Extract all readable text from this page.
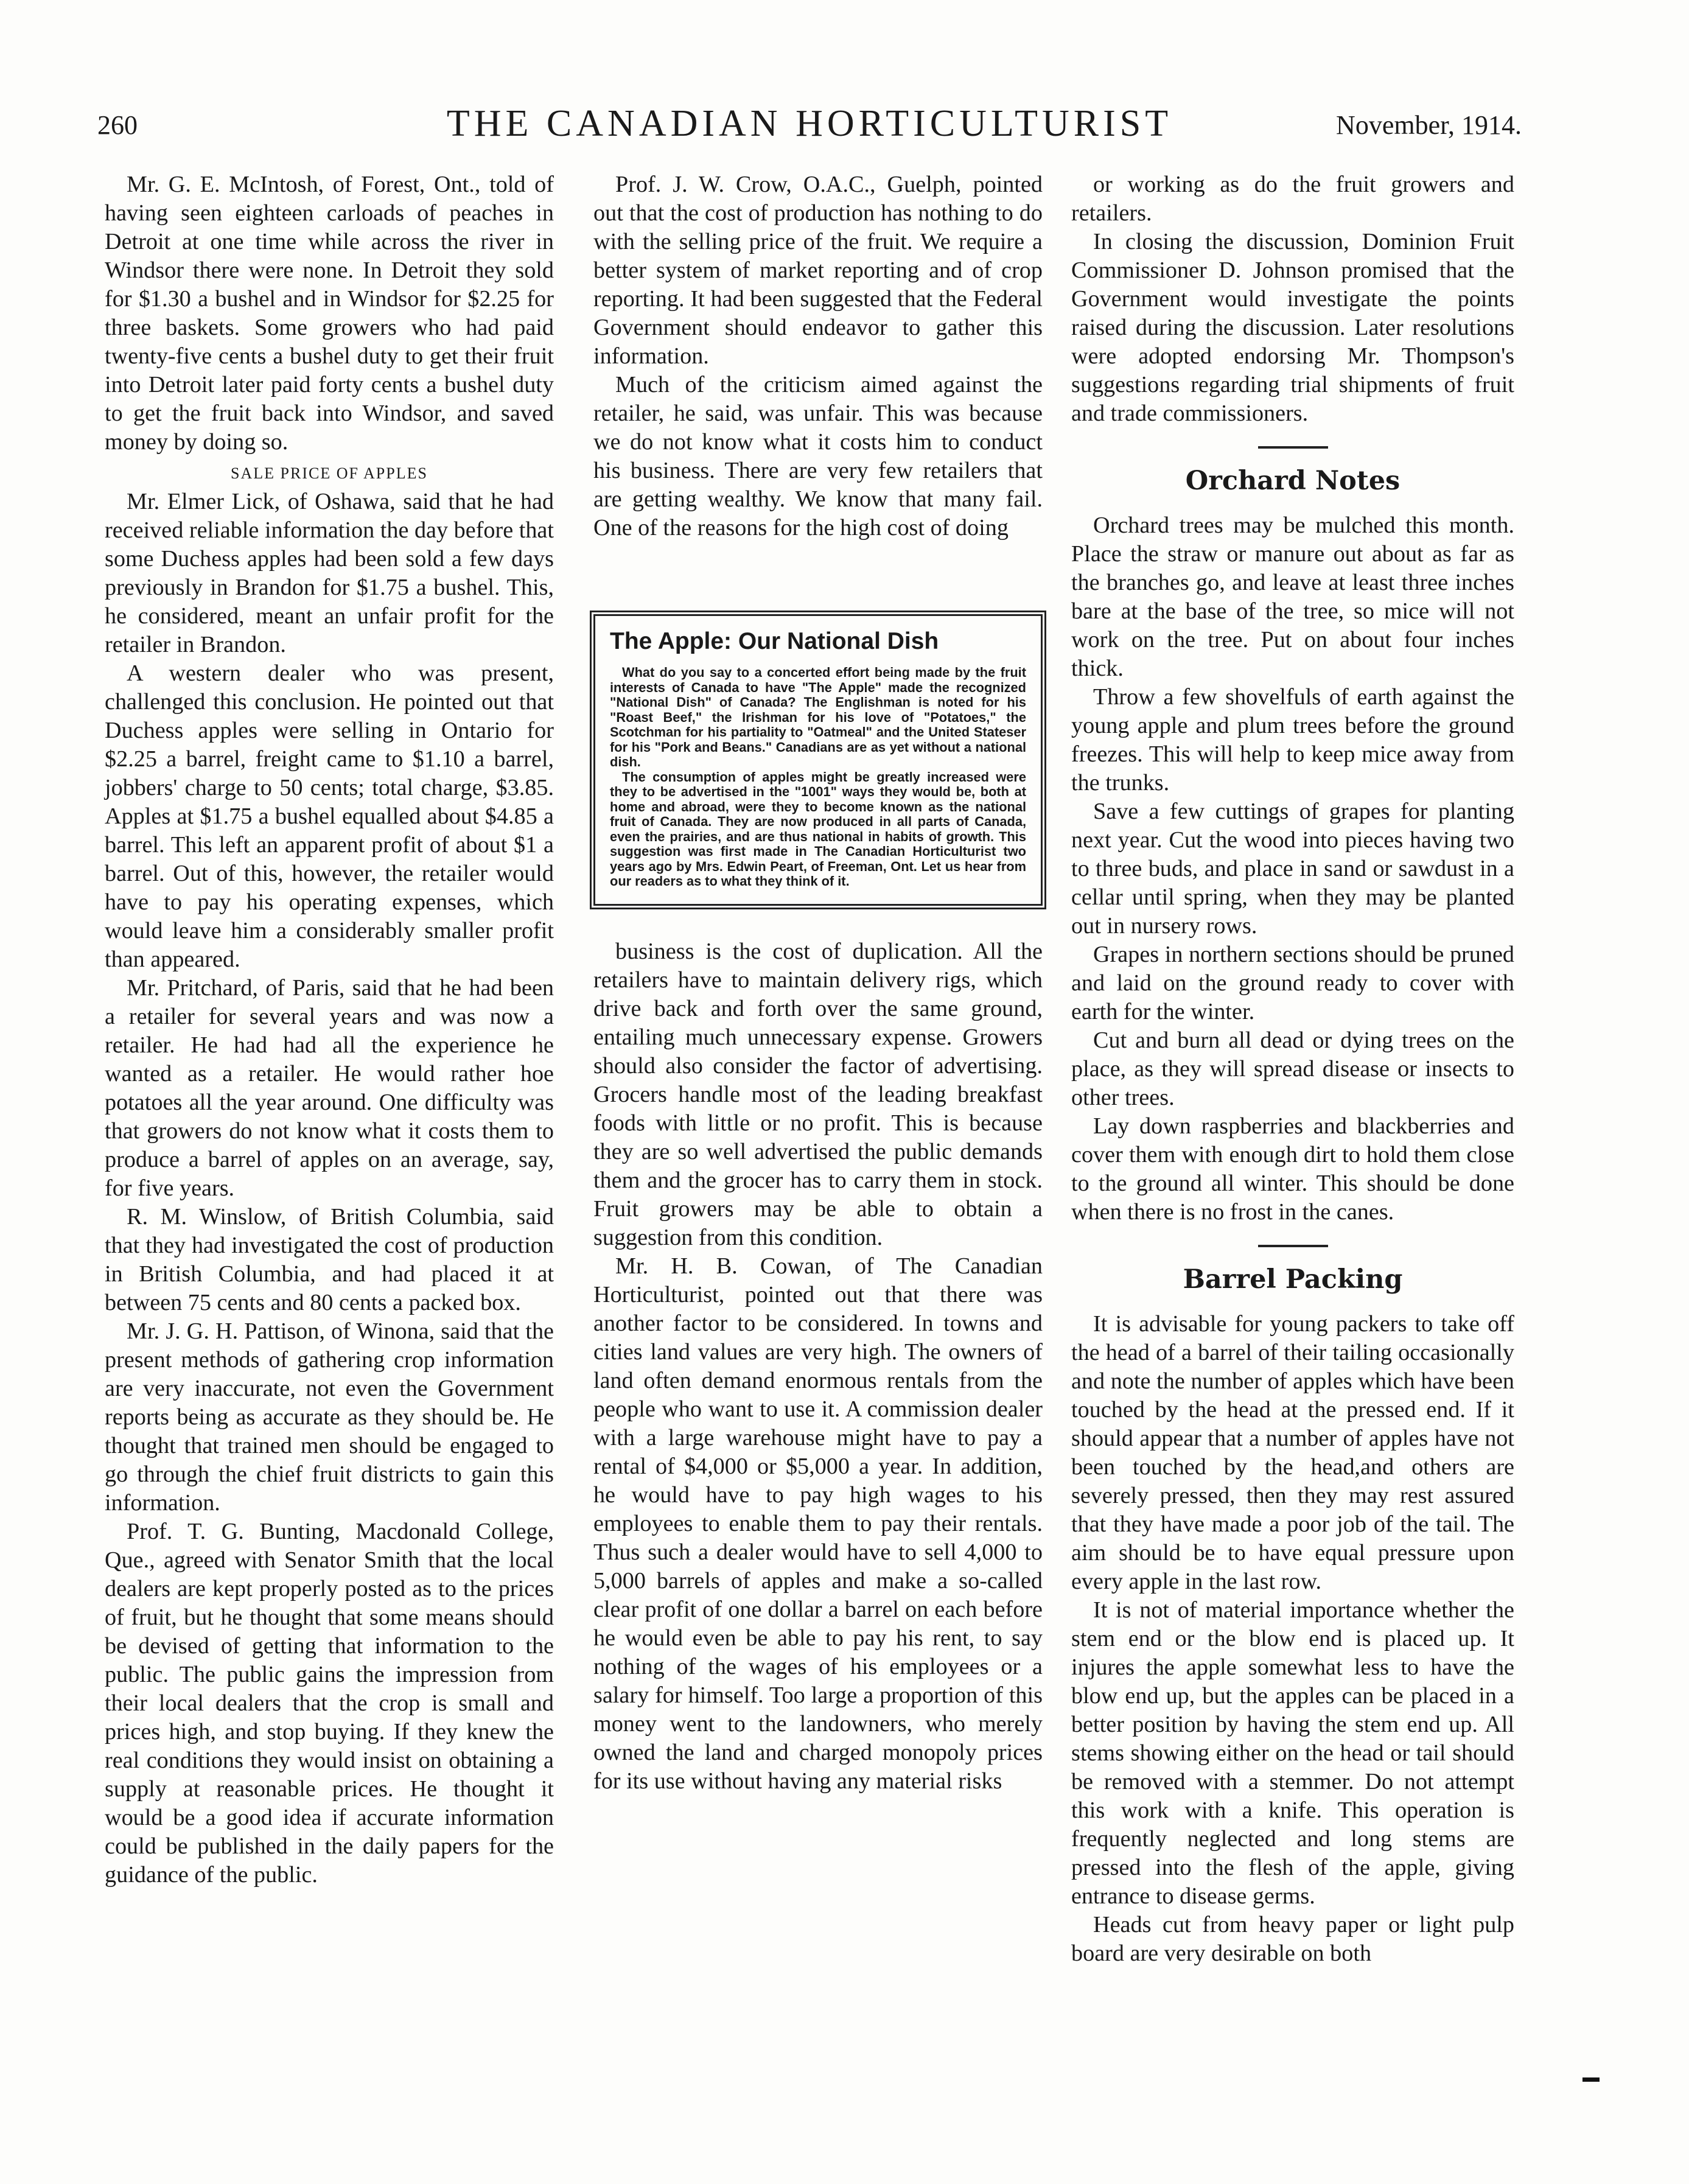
260	THE CANADIAN HORTICULTURIST	November, 1914.

Mr. G. E. McIntosh, of Forest, Ont., told of having seen eighteen carloads of peaches in Detroit at one time while across the river in Windsor there were none. In Detroit they sold for $1.30 a bushel and in Windsor for $2.25 for three baskets. Some growers who had paid twenty-five cents a bushel duty to get their fruit into Detroit later paid forty cents a bushel duty to get the fruit back into Windsor, and saved money by doing so.

SALE PRICE OF APPLES

Mr. Elmer Lick, of Oshawa, said that he had received reliable information the day before that some Duchess apples had been sold a few days previously in Brandon for $1.75 a bushel. This, he considered, meant an unfair profit for the retailer in Brandon.

A western dealer who was present, challenged this conclusion. He pointed out that Duchess apples were selling in Ontario for $2.25 a barrel, freight came to $1.10 a barrel, jobbers' charge to 50 cents; total charge, $3.85. Apples at $1.75 a bushel equalled about $4.85 a barrel. This left an apparent profit of about $1 a barrel. Out of this, however, the retailer would have to pay his operating expenses, which would leave him a considerably smaller profit than appeared.

Mr. Pritchard, of Paris, said that he had been a retailer for several years and was now a retailer. He had had all the experience he wanted as a retailer. He would rather hoe potatoes all the year around. One difficulty was that growers do not know what it costs them to produce a barrel of apples on an average, say, for five years.

R. M. Winslow, of British Columbia, said that they had investigated the cost of production in British Columbia, and had placed it at between 75 cents and 80 cents a packed box.

Mr. J. G. H. Pattison, of Winona, said that the present methods of gathering crop information are very inaccurate, not even the Government reports being as accurate as they should be. He thought that trained men should be engaged to go through the chief fruit districts to gain this information.

Prof. T. G. Bunting, Macdonald College, Que., agreed with Senator Smith that the local dealers are kept properly posted as to the prices of fruit, but he thought that some means should be devised of getting that information to the public. The public gains the impression from their local dealers that the crop is small and prices high, and stop buying. If they knew the real conditions they would insist on obtaining a supply at reasonable prices. He thought it would be a good idea if accurate information could be published in the daily papers for the guidance of the public.

Prof. J. W. Crow, O.A.C., Guelph, pointed out that the cost of production has nothing to do with the selling price of the fruit. We require a better system of market reporting and of crop reporting. It had been suggested that the Federal Government should endeavor to gather this information.

Much of the criticism aimed against the retailer, he said, was unfair. This was because we do not know what it costs him to conduct his business. There are very few retailers that are getting wealthy. We know that many fail. One of the reasons for the high cost of doing

The Apple: Our National Dish

What do you say to a concerted effort being made by the fruit interests of Canada to have "The Apple" made the recognized "National Dish" of Canada? The Englishman is noted for his "Roast Beef," the Irishman for his love of "Potatoes," the Scotchman for his partiality to "Oatmeal" and the United Stateser for his "Pork and Beans." Canadians are as yet without a national dish.

The consumption of apples might be greatly increased were they to be advertised in the "1001" ways they would be, both at home and abroad, were they to become known as the national fruit of Canada. They are now produced in all parts of Canada, even the prairies, and are thus national in habits of growth. This suggestion was first made in The Canadian Horticulturist two years ago by Mrs. Edwin Peart, of Freeman, Ont. Let us hear from our readers as to what they think of it.

business is the cost of duplication. All the retailers have to maintain delivery rigs, which drive back and forth over the same ground, entailing much unnecessary expense. Growers should also consider the factor of advertising. Grocers handle most of the leading breakfast foods with little or no profit. This is because they are so well advertised the public demands them and the grocer has to carry them in stock. Fruit growers may be able to obtain a suggestion from this condition.

Mr. H. B. Cowan, of The Canadian Horticulturist, pointed out that there was another factor to be considered. In towns and cities land values are very high. The owners of land often demand enormous rentals from the people who want to use it. A commission dealer with a large warehouse might have to pay a rental of $4,000 or $5,000 a year. In addition, he would have to pay high wages to his employees to enable them to pay their rentals. Thus such a dealer would have to sell 4,000 to 5,000 barrels of apples and make a so-called clear profit of one dollar a barrel on each before he would even be able to pay his rent, to say nothing of the wages of his employees or a salary for himself. Too large a proportion of this money went to the landowners, who merely owned the land and charged monopoly prices for its use without having any material risks

or working as do the fruit growers and retailers.

In closing the discussion, Dominion Fruit Commissioner D. Johnson promised that the Government would investigate the points raised during the discussion. Later resolutions were adopted endorsing Mr. Thompson's suggestions regarding trial shipments of fruit and trade commissioners.

Orchard Notes

Orchard trees may be mulched this month. Place the straw or manure out about as far as the branches go, and leave at least three inches bare at the base of the tree, so mice will not work on the tree. Put on about four inches thick.

Throw a few shovelfuls of earth against the young apple and plum trees before the ground freezes. This will help to keep mice away from the trunks.

Save a few cuttings of grapes for planting next year. Cut the wood into pieces having two to three buds, and place in sand or sawdust in a cellar until spring, when they may be planted out in nursery rows.

Grapes in northern sections should be pruned and laid on the ground ready to cover with earth for the winter.

Cut and burn all dead or dying trees on the place, as they will spread disease or insects to other trees.

Lay down raspberries and blackberries and cover them with enough dirt to hold them close to the ground all winter. This should be done when there is no frost in the canes.

Barrel Packing

It is advisable for young packers to take off the head of a barrel of their tailing occasionally and note the number of apples which have been touched by the head at the pressed end. If it should appear that a number of apples have not been touched by the head,and others are severely pressed, then they may rest assured that they have made a poor job of the tail. The aim should be to have equal pressure upon every apple in the last row.

It is not of material importance whether the stem end or the blow end is placed up. It injures the apple somewhat less to have the blow end up, but the apples can be placed in a better position by having the stem end up. All stems showing either on the head or tail should be removed with a stemmer. Do not attempt this work with a knife. This operation is frequently neglected and long stems are pressed into the flesh of the apple, giving entrance to disease germs.

Heads cut from heavy paper or light pulp board are very desirable on both
